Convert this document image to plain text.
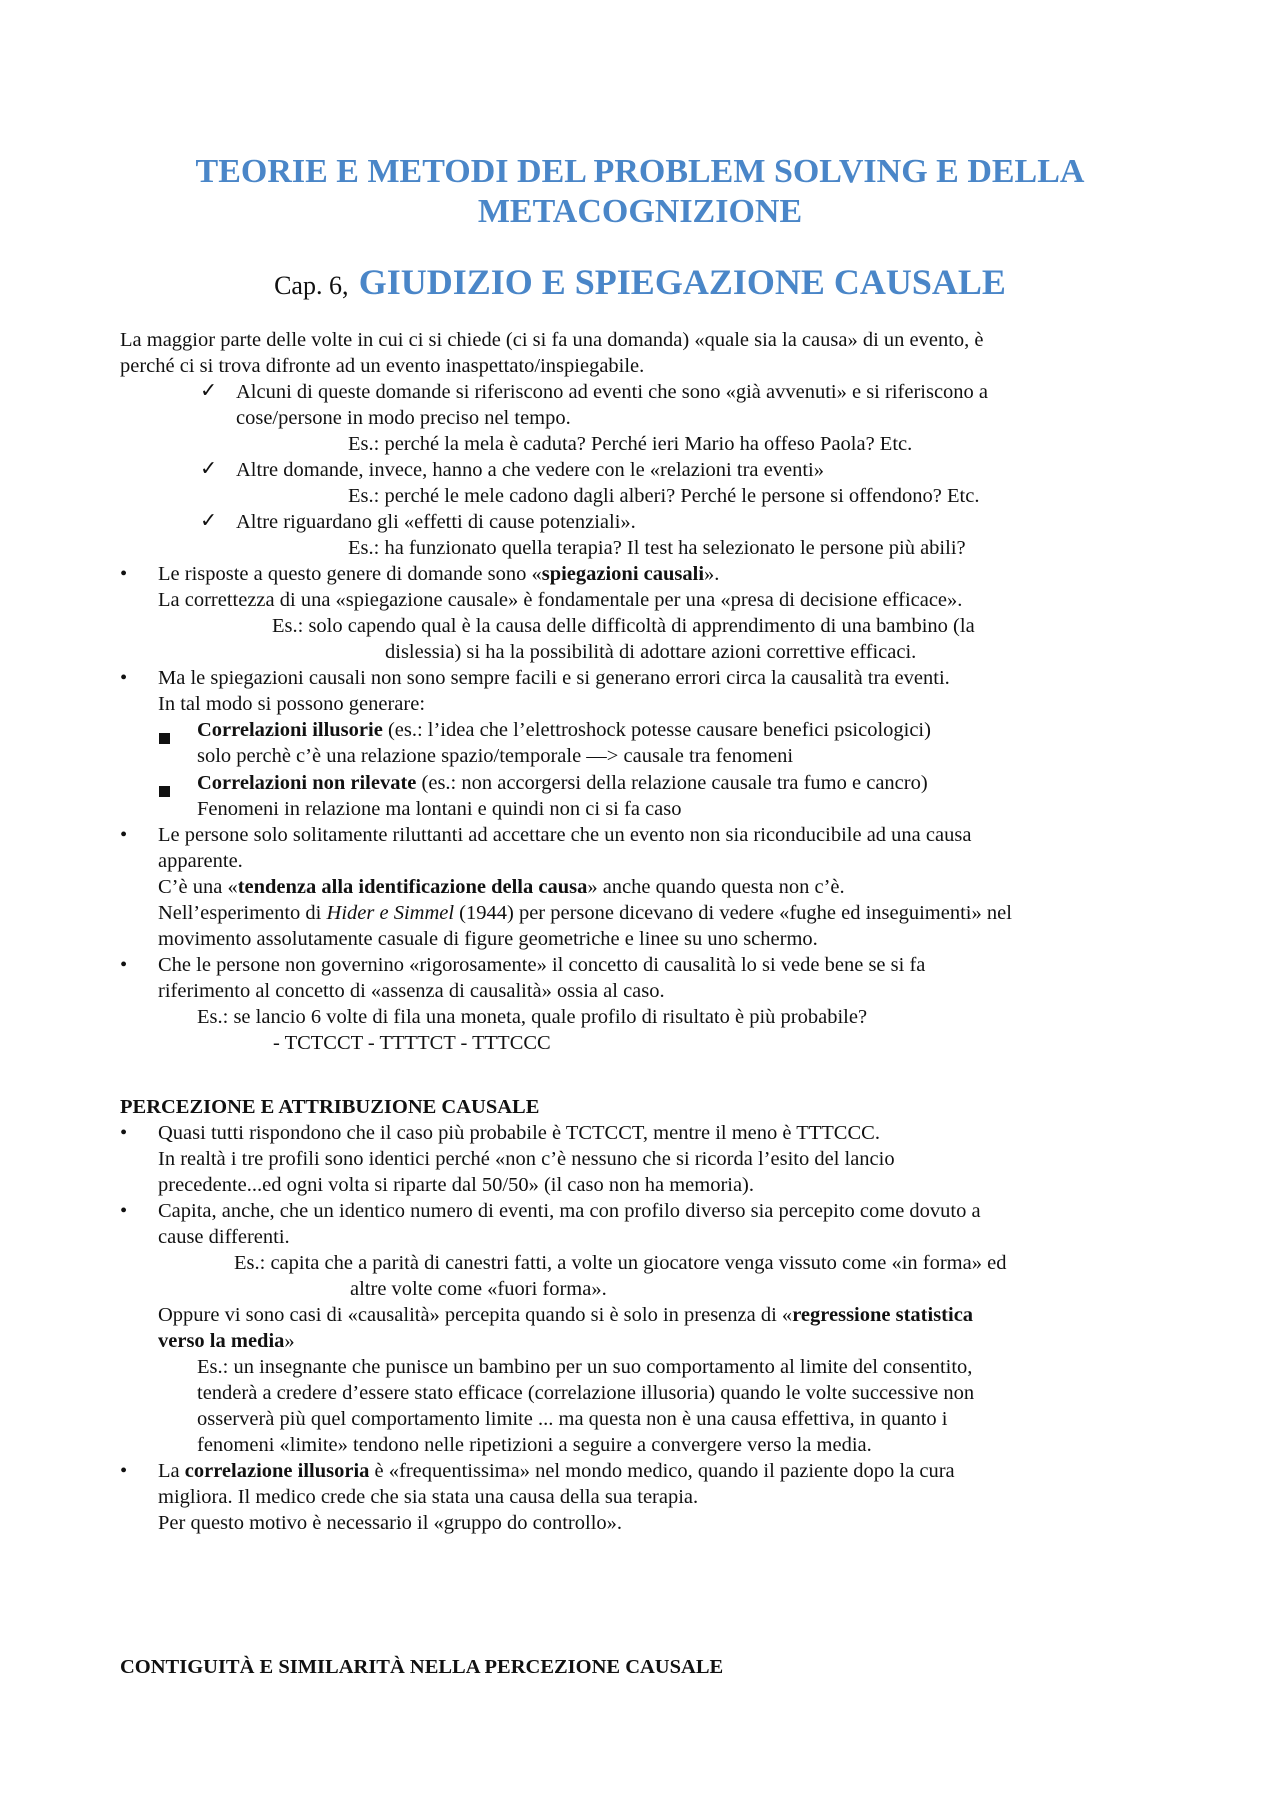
TEORIE E METODI DEL PROBLEM SOLVING E DELLA
METACOGNIZIONE
Cap. 6, GIUDIZIO E SPIEGAZIONE CAUSALE
La maggior parte delle volte in cui ci si chiede (ci si fa una domanda) «quale sia la causa» di un evento, è
perché ci si trova difronte ad un evento inaspettato/inspiegabile.
✓ Alcuni di queste domande si riferiscono ad eventi che sono «già avvenuti» e si riferiscono a
cose/persone in modo preciso nel tempo.
Es.: perché la mela è caduta? Perché ieri Mario ha offeso Paola? Etc.
✓ Altre domande, invece, hanno a che vedere con le «relazioni tra eventi»
Es.: perché le mele cadono dagli alberi? Perché le persone si offendono? Etc.
✓ Altre riguardano gli «effetti di cause potenziali».
Es.: ha funzionato quella terapia? Il test ha selezionato le persone più abili?
• Le risposte a questo genere di domande sono «spiegazioni causali».
La correttezza di una «spiegazione causale» è fondamentale per una «presa di decisione efficace».
Es.: solo capendo qual è la causa delle difficoltà di apprendimento di una bambino (la
dislessia) si ha la possibilità di adottare azioni correttive efficaci.
• Ma le spiegazioni causali non sono sempre facili e si generano errori circa la causalità tra eventi.
In tal modo si possono generare:
Correlazioni illusorie (es.: l’idea che l’elettroshock potesse causare benefici psicologici)
solo perchè c’è una relazione spazio/temporale —> causale tra fenomeni
Correlazioni non rilevate (es.: non accorgersi della relazione causale tra fumo e cancro)
Fenomeni in relazione ma lontani e quindi non ci si fa caso
• Le persone solo solitamente riluttanti ad accettare che un evento non sia riconducibile ad una causa
apparente.
C’è una «tendenza alla identificazione della causa» anche quando questa non c’è.
Nell’esperimento di Hider e Simmel (1944) per persone dicevano di vedere «fughe ed inseguimenti» nel
movimento assolutamente casuale di figure geometriche e linee su uno schermo.
• Che le persone non governino «rigorosamente» il concetto di causalità lo si vede bene se si fa
riferimento al concetto di «assenza di causalità» ossia al caso.
Es.: se lancio 6 volte di fila una moneta, quale profilo di risultato è più probabile?
- TCTCCT - TTTTCT - TTTCCC
PERCEZIONE E ATTRIBUZIONE CAUSALE
• Quasi tutti rispondono che il caso più probabile è TCTCCT, mentre il meno è TTTCCC.
In realtà i tre profili sono identici perché «non c’è nessuno che si ricorda l’esito del lancio
precedente...ed ogni volta si riparte dal 50/50» (il caso non ha memoria).
• Capita, anche, che un identico numero di eventi, ma con profilo diverso sia percepito come dovuto a
cause differenti.
Es.: capita che a parità di canestri fatti, a volte un giocatore venga vissuto come «in forma» ed
altre volte come «fuori forma».
Oppure vi sono casi di «causalità» percepita quando si è solo in presenza di «regressione statistica
verso la media»
Es.: un insegnante che punisce un bambino per un suo comportamento al limite del consentito,
tenderà a credere d’essere stato efficace (correlazione illusoria) quando le volte successive non
osserverà più quel comportamento limite ... ma questa non è una causa effettiva, in quanto i
fenomeni «limite» tendono nelle ripetizioni a seguire a convergere verso la media.
• La correlazione illusoria è «frequentissima» nel mondo medico, quando il paziente dopo la cura
migliora. Il medico crede che sia stata una causa della sua terapia.
Per questo motivo è necessario il «gruppo do controllo».
CONTIGUITÀ E SIMILARITÀ NELLA PERCEZIONE CAUSALE
